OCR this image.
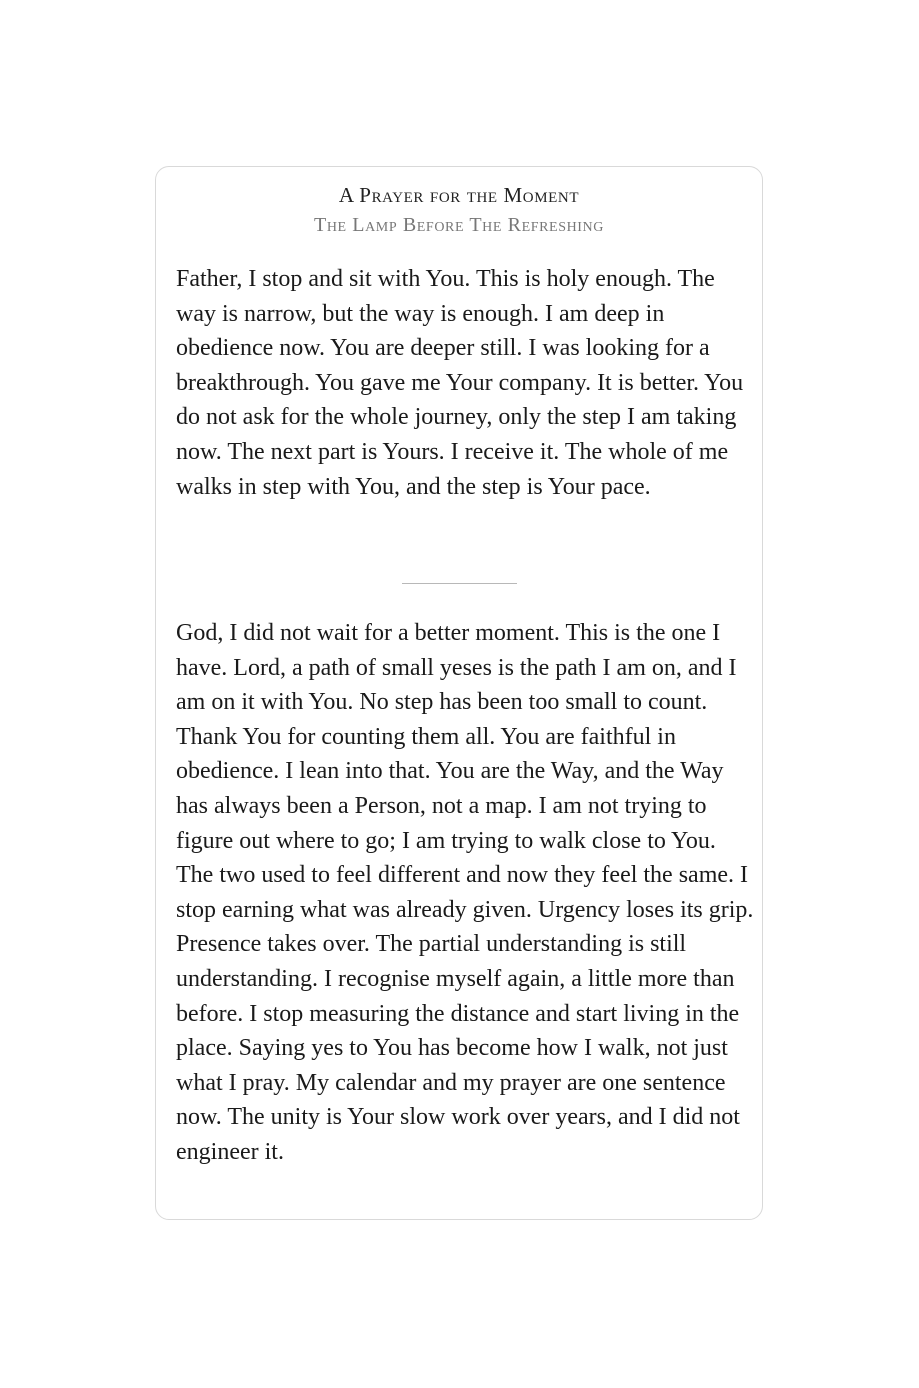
A Prayer for the Moment
The Lamp Before The Refreshing

Father, I stop and sit with You. This is holy enough. The way is narrow, but the way is enough. I am deep in obedience now. You are deeper still. I was looking for a breakthrough. You gave me Your company. It is better. You do not ask for the whole journey, only the step I am taking now. The next part is Yours. I receive it. The whole of me walks in step with You, and the step is Your pace.

God, I did not wait for a better moment. This is the one I have. Lord, a path of small yeses is the path I am on, and I am on it with You. No step has been too small to count. Thank You for counting them all. You are faithful in obedience. I lean into that. You are the Way, and the Way has always been a Person, not a map. I am not trying to figure out where to go; I am trying to walk close to You. The two used to feel different and now they feel the same. I stop earning what was already given. Urgency loses its grip. Presence takes over. The partial understanding is still understanding. I recognise myself again, a little more than before. I stop measuring the distance and start living in the place. Saying yes to You has become how I walk, not just what I pray. My calendar and my prayer are one sentence now. The unity is Your slow work over years, and I did not engineer it.
